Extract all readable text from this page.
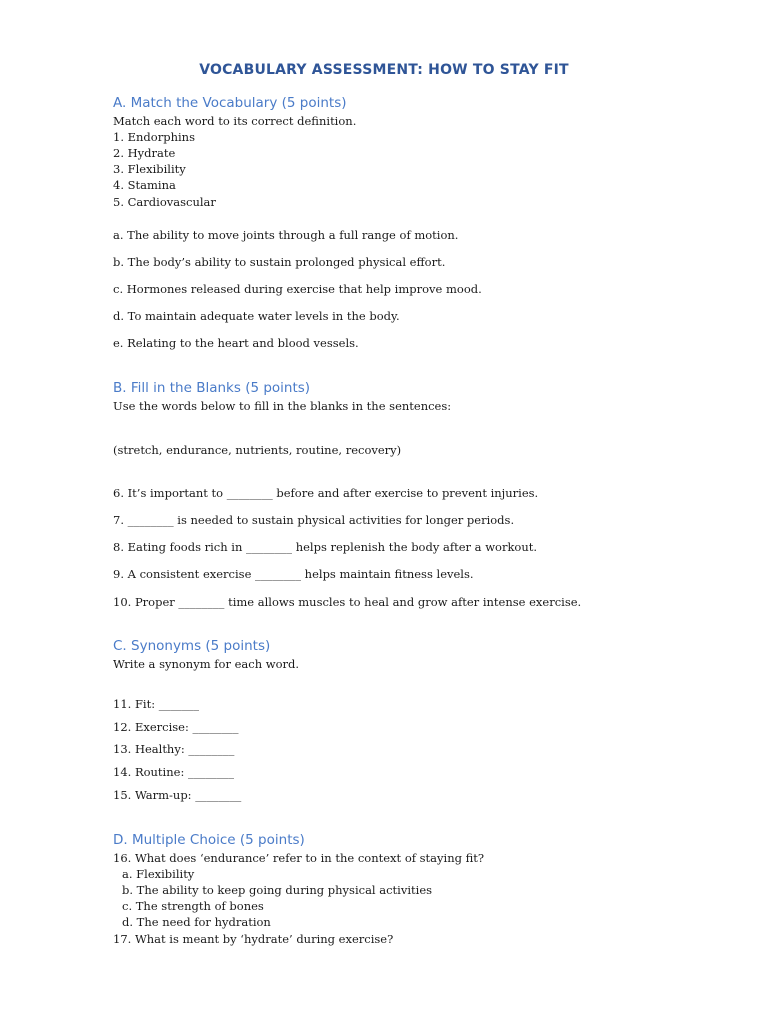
VOCABULARY ASSESSMENT: HOW TO STAY FIT
A. Match the Vocabulary (5 points)
Match each word to its correct definition.
1. Endorphins
2. Hydrate
3. Flexibility
4. Stamina
5. Cardiovascular
a. The ability to move joints through a full range of motion.
b. The body’s ability to sustain prolonged physical effort.
c. Hormones released during exercise that help improve mood.
d. To maintain adequate water levels in the body.
e. Relating to the heart and blood vessels.
B. Fill in the Blanks (5 points)
Use the words below to fill in the blanks in the sentences:
(stretch, endurance, nutrients, routine, recovery)
6. It’s important to ________ before and after exercise to prevent injuries.
7. ________ is needed to sustain physical activities for longer periods.
8. Eating foods rich in ________ helps replenish the body after a workout.
9. A consistent exercise ________ helps maintain fitness levels.
10. Proper ________ time allows muscles to heal and grow after intense exercise.
C. Synonyms (5 points)
Write a synonym for each word.
11. Fit: _______
12. Exercise: ________
13. Healthy: ________
14. Routine: ________
15. Warm-up: ________
D. Multiple Choice (5 points)
16. What does ‘endurance’ refer to in the context of staying fit?
a. Flexibility
b. The ability to keep going during physical activities
c. The strength of bones
d. The need for hydration
17. What is meant by ‘hydrate’ during exercise?
